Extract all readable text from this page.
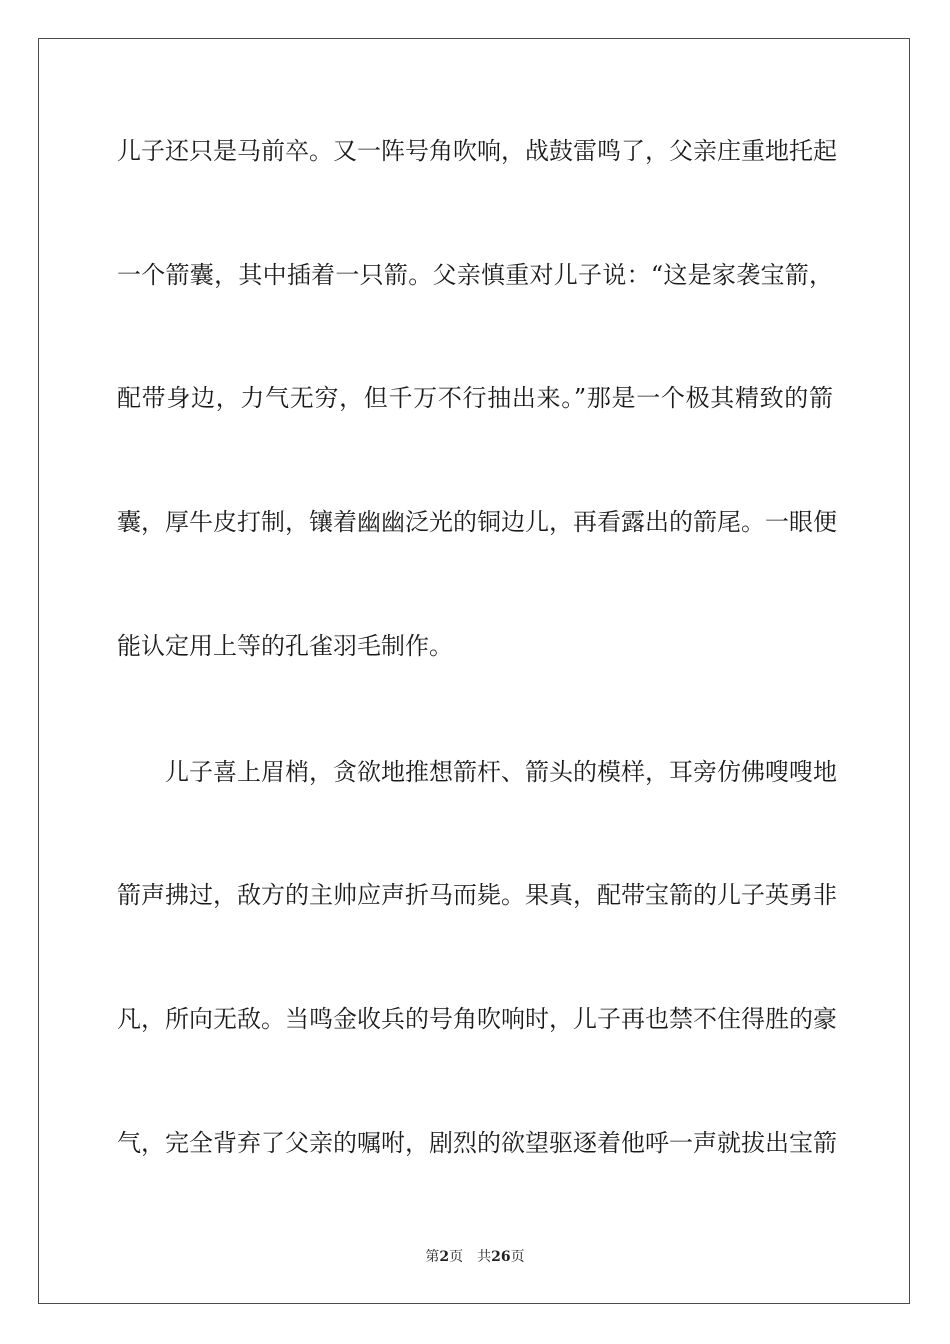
儿子还只是马前卒。又一阵号角吹响，战鼓雷鸣了，父亲庄重地托起
一个箭囊，其中插着一只箭。父亲慎重对儿子说：“这是家袭宝箭，
配带身边，力气无穷，但千万不行抽出来。”那是一个极其精致的箭
囊，厚牛皮打制，镶着幽幽泛光的铜边儿，再看露出的箭尾。一眼便
能认定用上等的孔雀羽毛制作。
儿子喜上眉梢，贪欲地推想箭杆、箭头的模样，耳旁仿佛嗖嗖地
箭声拂过，敌方的主帅应声折马而毙。果真，配带宝箭的儿子英勇非
凡，所向无敌。当鸣金收兵的号角吹响时，儿子再也禁不住得胜的豪
气，完全背弃了父亲的嘱咐，剧烈的欲望驱逐着他呼一声就拔出宝箭
第2页 共26页
